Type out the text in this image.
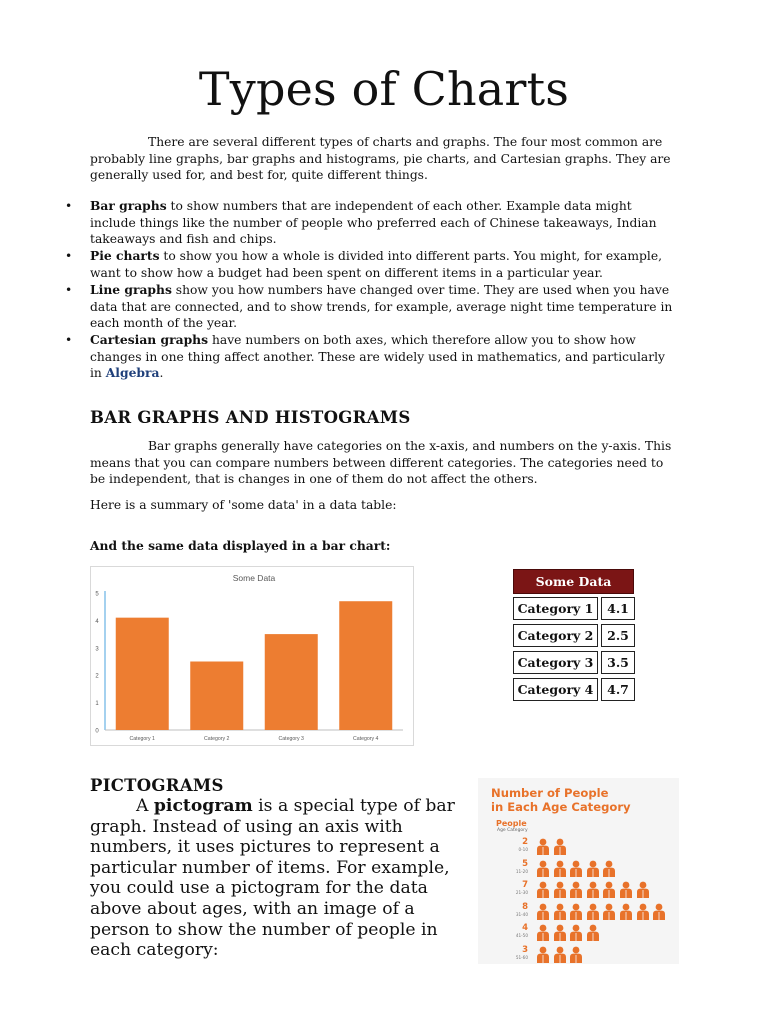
Types of Charts

There are several different types of charts and graphs. The four most common are probably line graphs, bar graphs and histograms, pie charts, and Cartesian graphs. They are generally used for, and best for, quite different things.

• Bar graphs to show numbers that are independent of each other. Example data might include things like the number of people who preferred each of Chinese takeaways, Indian takeaways and fish and chips.
• Pie charts to show you how a whole is divided into different parts. You might, for example, want to show how a budget had been spent on different items in a particular year.
• Line graphs show you how numbers have changed over time. They are used when you have data that are connected, and to show trends, for example, average night time temperature in each month of the year.
• Cartesian graphs have numbers on both axes, which therefore allow you to show how changes in one thing affect another. These are widely used in mathematics, and particularly in Algebra.
BAR GRAPHS AND HISTOGRAMS

Bar graphs generally have categories on the x-axis, and numbers on the y-axis. This means that you can compare numbers between different categories. The categories need to be independent, that is changes in one of them do not affect the others.

Here is a summary of 'some data' in a data table:

And the same data displayed in a bar chart:

Some Data
0
1
2
3
4
5
Category 1	Category 2	Category 3	Category 4
Some Data
Category 1	4.1
Category 2	2.5
Category 3	3.5
Category 4	4.7
PICTOGRAMS

A pictogram is a special type of bar graph. Instead of using an axis with numbers, it uses pictures to represent a particular number of items. For example, you could use a pictogram for the data above about ages, with an image of a person to show the number of people in each category:

Number of People
in Each Age Category
People
Age Category
2
0-10
5
11-20
7
21-30
8
31-40
4
41-50
3
51-60
